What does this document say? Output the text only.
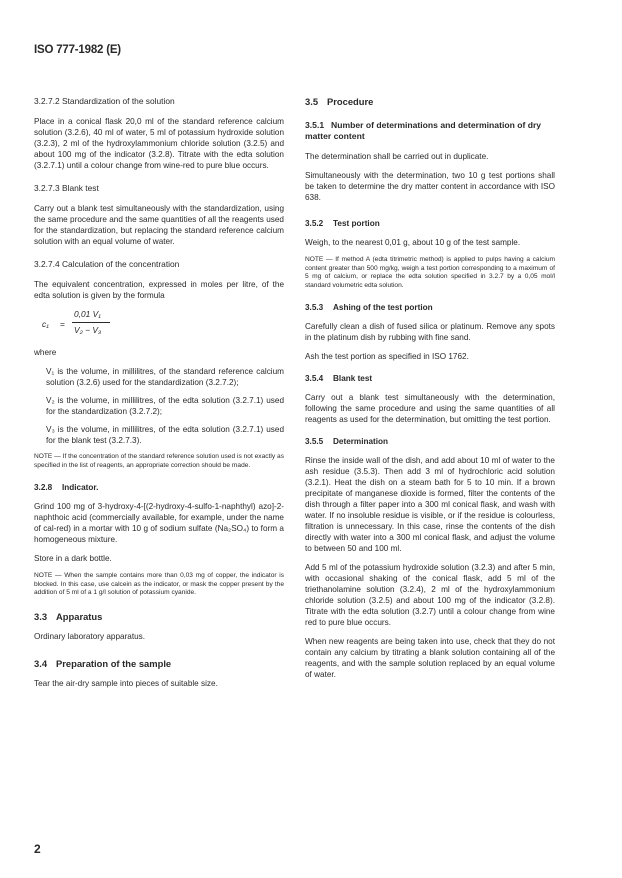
ISO 777-1982 (E)
3.2.7.2 Standardization of the solution

Place in a conical flask 20,0 ml of the standard reference calcium solution (3.2.6), 40 ml of water, 5 ml of potassium hydroxide solution (3.2.3), 2 ml of the hydroxylammonium chloride solution (3.2.5) and about 100 mg of the indicator (3.2.8). Titrate with the edta solution (3.2.7.1) until a colour change from wine-red to pure blue occurs.

3.2.7.3 Blank test

Carry out a blank test simultaneously with the standardization, using the same procedure and the same quantities of all the reagents used for the standardization, but replacing the standard reference calcium solution with an equal volume of water.

3.2.7.4 Calculation of the concentration

The equivalent concentration, expressed in moles per litre, of the edta solution is given by the formula

c₁ =
0,01 V₁
V₂ − V₃

where

V₁ is the volume, in millilitres, of the standard reference calcium solution (3.2.6) used for the standardization (3.2.7.2);

V₂ is the volume, in millilitres, of the edta solution (3.2.7.1) used for the standardization (3.2.7.2);

V₃ is the volume, in millilitres, of the edta solution (3.2.7.1) used for the blank test (3.2.7.3).

NOTE — If the concentration of the standard reference solution used is not exactly as specified in the list of reagents, an appropriate correction should be made.

3.2.8 Indicator.

Grind 100 mg of 3-hydroxy-4-[(2-hydroxy-4-sulfo-1-naphthyl) azo]-2-naphthoic acid (commercially available, for example, under the name of cal-red) in a mortar with 10 g of sodium sulfate (Na₂SO₄) to form a homogeneous mixture.

Store in a dark bottle.

NOTE — When the sample contains more than 0,03 mg of copper, the indicator is blocked. In this case, use calcein as the indicator, or mask the copper present by the addition of 5 ml of a 1 g/l solution of potassium cyanide.

3.3 Apparatus

Ordinary laboratory apparatus.

3.4 Preparation of the sample

Tear the air-dry sample into pieces of suitable size.

3.5 Procedure
3.5.1 Number of determinations and determination of dry matter content

The determination shall be carried out in duplicate.

Simultaneously with the determination, two 10 g test portions shall be taken to determine the dry matter content in accordance with ISO 638.

3.5.2 Test portion

Weigh, to the nearest 0,01 g, about 10 g of the test sample.

NOTE — If method A (edta titrimetric method) is applied to pulps having a calcium content greater than 500 mg/kg, weigh a test portion corresponding to a maximum of 5 mg of calcium, or replace the edta solution specified in 3.2.7 by a 0,05 mol/l standard volumetric edta solution.

3.5.3 Ashing of the test portion

Carefully clean a dish of fused silica or platinum. Remove any spots in the platinum dish by rubbing with fine sand.

Ash the test portion as specified in ISO 1762.

3.5.4 Blank test

Carry out a blank test simultaneously with the determination, following the same procedure and using the same quantities of all reagents as used for the determination, but omitting the test portion.

3.5.5 Determination

Rinse the inside wall of the dish, and add about 10 ml of water to the ash residue (3.5.3). Then add 3 ml of hydrochloric acid solution (3.2.1). Heat the dish on a steam bath for 5 to 10 min. If a brown precipitate of manganese dioxide is formed, filter the contents of the dish through a filter paper into a 300 ml conical flask, and wash with water. If no insoluble residue is visible, or if the residue is colourless, filtration is unnecessary. In this case, rinse the contents of the dish directly with water into a 300 ml conical flask, and adjust the volume to between 50 and 100 ml.

Add 5 ml of the potassium hydroxide solution (3.2.3) and after 5 min, with occasional shaking of the conical flask, add 5 ml of the triethanolamine solution (3.2.4), 2 ml of the hydroxylammonium chloride solution (3.2.5) and about 100 mg of the indicator (3.2.8). Titrate with the edta solution (3.2.7) until a colour change from wine red to pure blue occurs.

When new reagents are being taken into use, check that they do not contain any calcium by titrating a blank solution containing all of the reagents, and with the sample solution replaced by an equal volume of water.

2
